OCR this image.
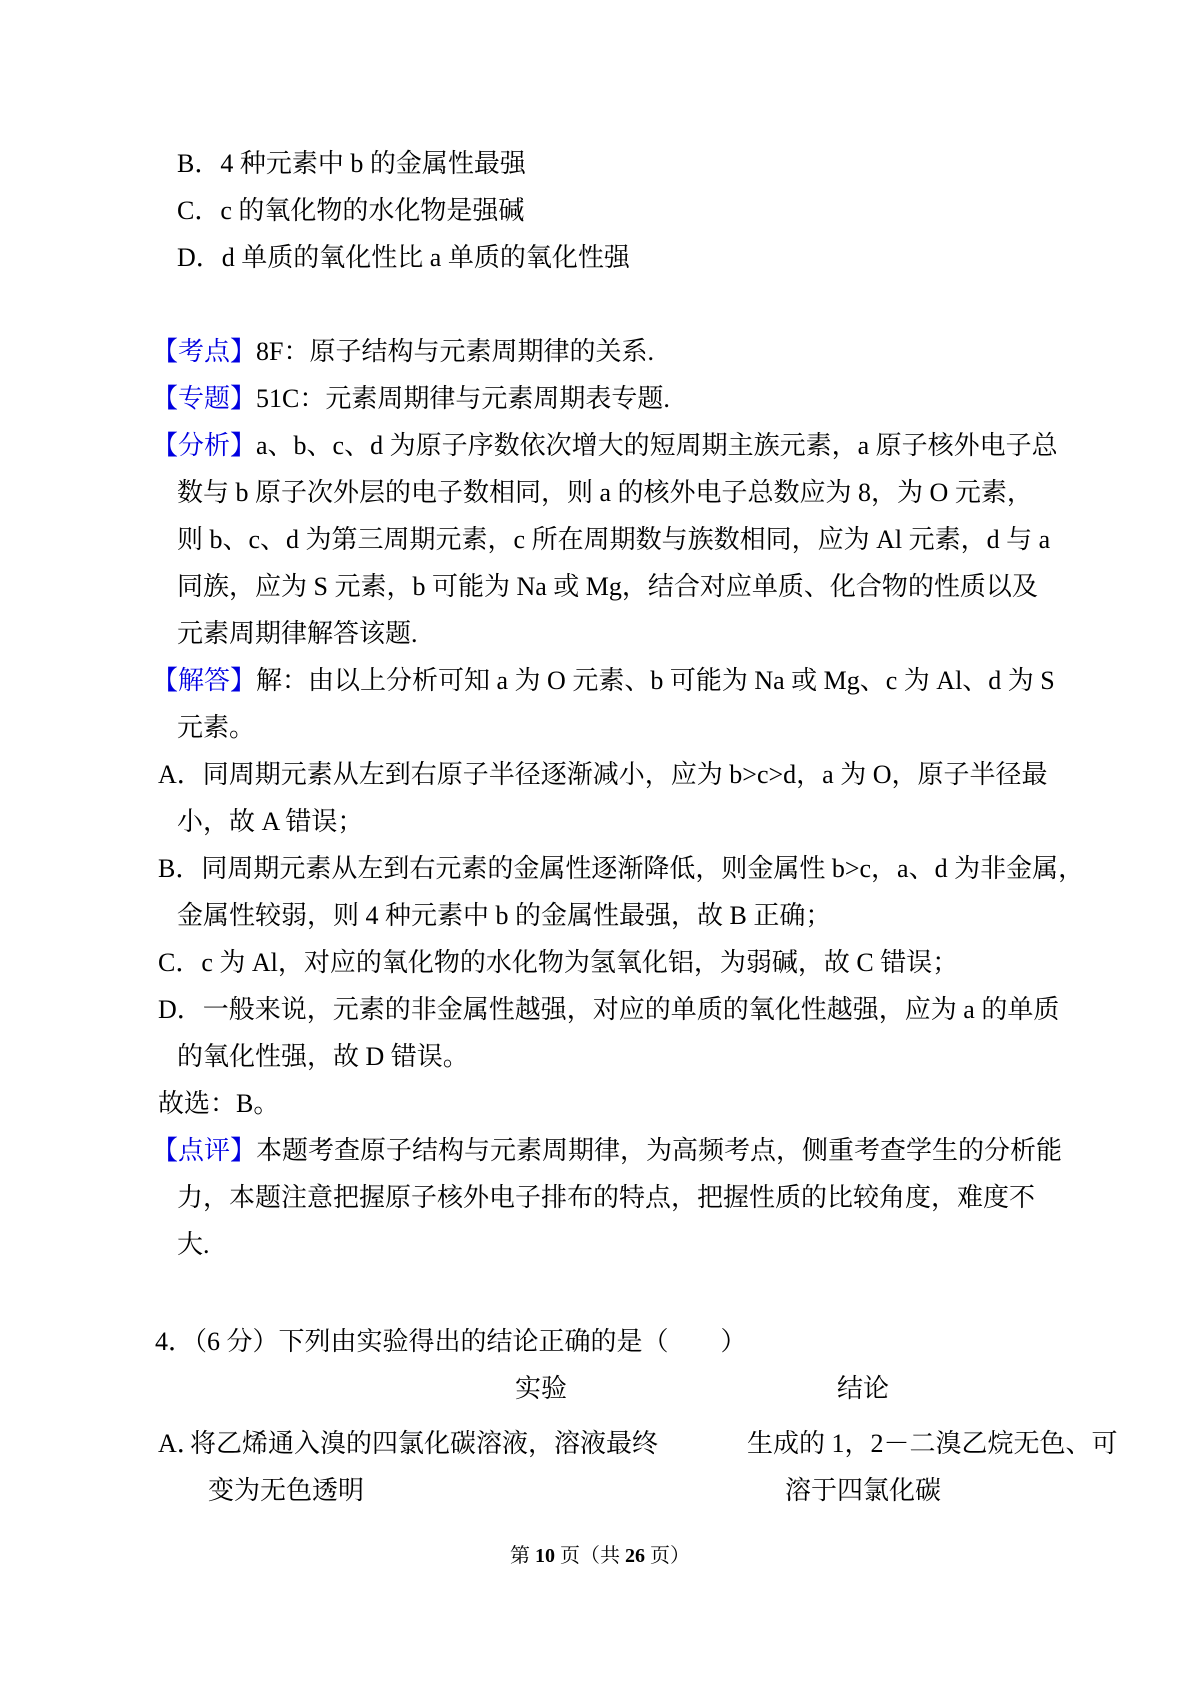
B．4 种元素中 b 的金属性最强
C．c 的氧化物的水化物是强碱
D．d 单质的氧化性比 a 单质的氧化性强
【考点】8F：原子结构与元素周期律的关系.
【专题】51C：元素周期律与元素周期表专题.
【分析】a、b、c、d 为原子序数依次增大的短周期主族元素，a 原子核外电子总
数与 b 原子次外层的电子数相同，则 a 的核外电子总数应为 8，为 O 元素，
则 b、c、d 为第三周期元素，c 所在周期数与族数相同，应为 Al 元素，d 与 a
同族，应为 S 元素，b 可能为 Na 或 Mg，结合对应单质、化合物的性质以及
元素周期律解答该题.
【解答】解：由以上分析可知 a 为 O 元素、b 可能为 Na 或 Mg、c 为 Al、d 为 S
元素。
A．同周期元素从左到右原子半径逐渐减小，应为 b>c>d，a 为 O，原子半径最
小，故 A 错误；
B．同周期元素从左到右元素的金属性逐渐降低，则金属性 b>c，a、d 为非金属，
金属性较弱，则 4 种元素中 b 的金属性最强，故 B 正确；
C．c 为 Al，对应的氧化物的水化物为氢氧化铝，为弱碱，故 C 错误；
D．一般来说，元素的非金属性越强，对应的单质的氧化性越强，应为 a 的单质
的氧化性强，故 D 错误。
故选：B。
【点评】本题考查原子结构与元素周期律，为高频考点，侧重考查学生的分析能
力，本题注意把握原子核外电子排布的特点，把握性质的比较角度，难度不
大.
4．（6 分）下列由实验得出的结论正确的是（　　）
实验	结论
A．
将乙烯通入溴的四氯化碳溶液，溶液最终	生成的 1，2－二溴乙烷无色、可
变为无色透明	溶于四氯化碳
第 10 页（共 26 页）
